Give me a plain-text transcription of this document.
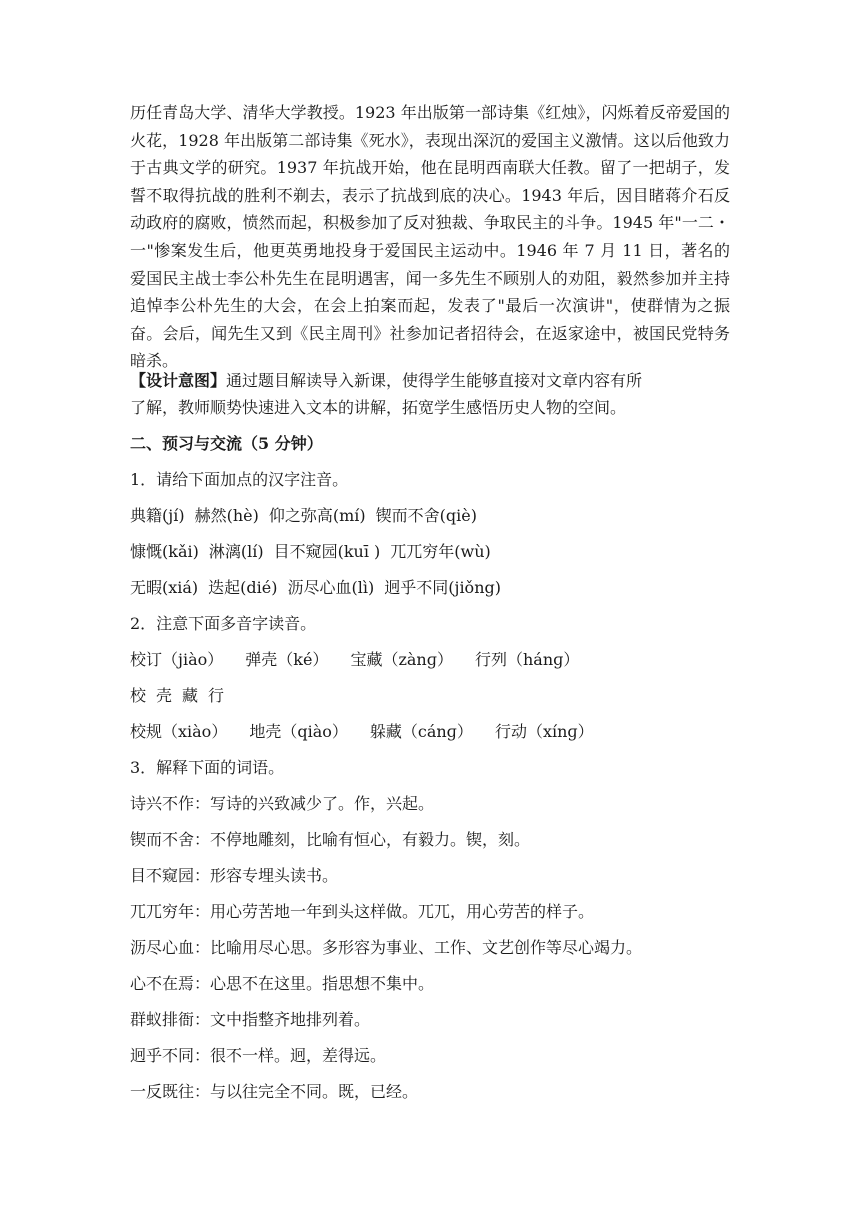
历任青岛大学、清华大学教授。1923 年出版第一部诗集《红烛》，闪烁着反帝爱国的火花，1928 年出版第二部诗集《死水》，表现出深沉的爱国主义激情。这以后他致力于古典文学的研究。1937 年抗战开始，他在昆明西南联大任教。留了一把胡子，发誓不取得抗战的胜利不剃去，表示了抗战到底的决心。1943 年后，因目睹蒋介石反动政府的腐败，愤然而起，积极参加了反对独裁、争取民主的斗争。1945 年"一二・一"惨案发生后，他更英勇地投身于爱国民主运动中。1946 年 7 月 11 日，著名的爱国民主战士李公朴先生在昆明遇害，闻一多先生不顾别人的劝阻，毅然参加并主持追悼李公朴先生的大会，在会上拍案而起，发表了"最后一次演讲"，使群情为之振奋。会后，闻先生又到《民主周刊》社参加记者招待会，在返家途中，被国民党特务暗杀。

【设计意图】通过题目解读导入新课，使得学生能够直接对文章内容有所

了解，教师顺势快速进入文本的讲解，拓宽学生感悟历史人物的空间。

二、预习与交流（5 分钟）

1．请给下面加点的汉字注音。

典籍(jí) 赫然(hè) 仰之弥高(mí) 锲而不舍(qiè)

慷慨(kǎi) 淋漓(lí) 目不窥园(kuī ) 兀兀穷年(wù)

无暇(xiá) 迭起(dié) 沥尽心血(lì) 迥乎不同(jiǒng)

2．注意下面多音字读音。

校订（jiào） 弹壳（ké） 宝藏（zànɡ） 行列（hánɡ）

校 壳 藏 行

校规（xiào） 地壳（qiào） 躲藏（cánɡ） 行动（xínɡ）

3．解释下面的词语。

诗兴不作：写诗的兴致减少了。作，兴起。

锲而不舍：不停地雕刻，比喻有恒心，有毅力。锲，刻。

目不窥园：形容专埋头读书。

兀兀穷年：用心劳苦地一年到头这样做。兀兀，用心劳苦的样子。

沥尽心血：比喻用尽心思。多形容为事业、工作、文艺创作等尽心竭力。

心不在焉：心思不在这里。指思想不集中。

群蚁排衙：文中指整齐地排列着。

迥乎不同：很不一样。迥，差得远。

一反既往：与以往完全不同。既，已经。
